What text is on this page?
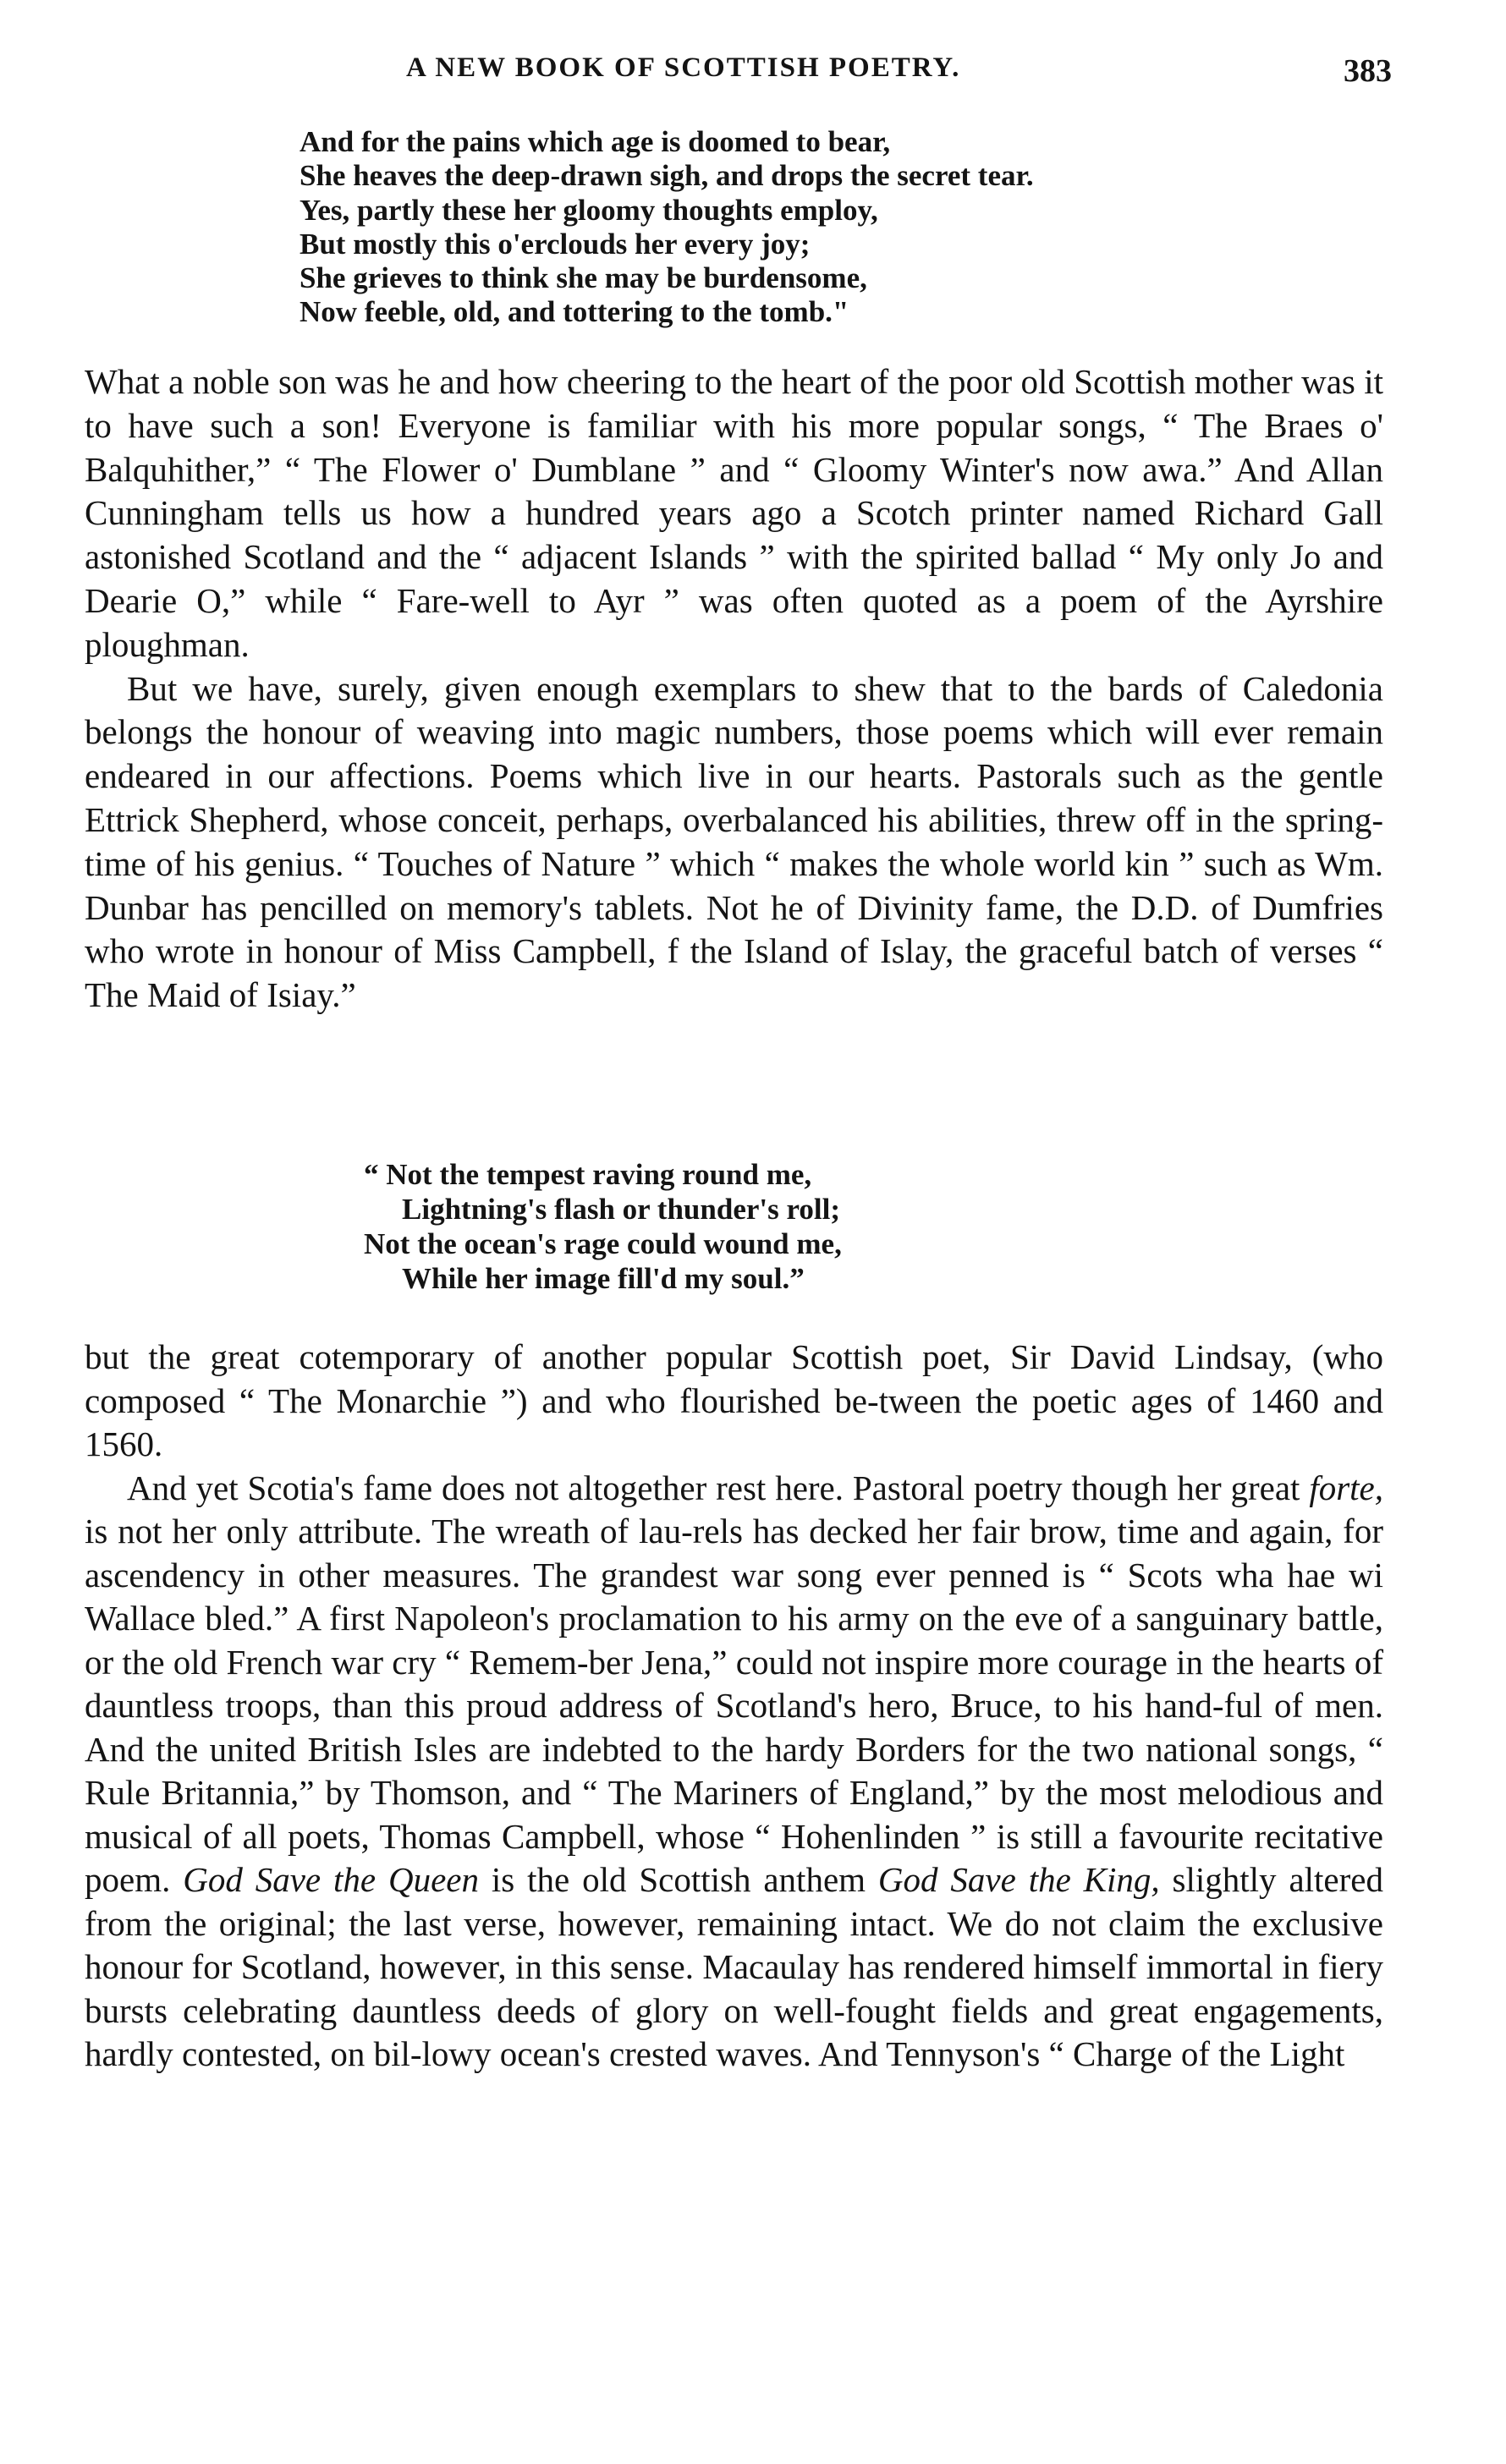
A NEW BOOK OF SCOTTISH POETRY.	383
And for the pains which age is doomed to bear,
She heaves the deep-drawn sigh, and drops the secret tear.
Yes, partly these her gloomy thoughts employ,
But mostly this o'erclouds her every joy;
She grieves to think she may be burdensome,
Now feeble, old, and tottering to the tomb."

What a noble son was he and how cheering to the heart of the poor old Scottish mother was it to have such a son! Everyone is familiar with his more popular songs, “ The Braes o' Balquhither,” “ The Flower o' Dumblane ” and “ Gloomy Winter's now awa.” And Allan Cunningham tells us how a hundred years ago a Scotch printer named Richard Gall astonished Scotland and the “ adjacent Islands ” with the spirited ballad “ My only Jo and Dearie O,” while “ Fare-well to Ayr ” was often quoted as a poem of the Ayrshire ploughman.

But we have, surely, given enough exemplars to shew that to the bards of Caledonia belongs the honour of weaving into magic numbers, those poems which will ever remain endeared in our affections. Poems which live in our hearts. Pastorals such as the gentle Ettrick Shepherd, whose conceit, perhaps, overbalanced his abilities, threw off in the spring-time of his genius. “ Touches of Nature ” which “ makes the whole world kin ” such as Wm. Dunbar has pencilled on memory's tablets. Not he of Divinity fame, the D.D. of Dumfries who wrote in honour of Miss Campbell, f the Island of Islay, the graceful batch of verses “ The Maid of Isiay.”

“ Not the tempest raving round me,
Lightning's flash or thunder's roll;
Not the ocean's rage could wound me,
While her image fill'd my soul.”

but the great cotemporary of another popular Scottish poet, Sir David Lindsay, (who composed “ The Monarchie ”) and who flourished be-tween the poetic ages of 1460 and 1560.

And yet Scotia's fame does not altogether rest here. Pastoral poetry though her great forte, is not her only attribute. The wreath of lau-rels has decked her fair brow, time and again, for ascendency in other measures. The grandest war song ever penned is “ Scots wha hae wi Wallace bled.” A first Napoleon's proclamation to his army on the eve of a sanguinary battle, or the old French war cry “ Remem-ber Jena,” could not inspire more courage in the hearts of dauntless troops, than this proud address of Scotland's hero, Bruce, to his hand-ful of men. And the united British Isles are indebted to the hardy Borders for the two national songs, “ Rule Britannia,” by Thomson, and “ The Mariners of England,” by the most melodious and musical of all poets, Thomas Campbell, whose “ Hohenlinden ” is still a favourite recitative poem. God Save the Queen is the old Scottish anthem God Save the King, slightly altered from the original; the last verse, however, remaining intact. We do not claim the exclusive honour for Scotland, however, in this sense. Macaulay has rendered himself immortal in fiery bursts celebrating dauntless deeds of glory on well-fought fields and great engagements, hardly contested, on bil-lowy ocean's crested waves. And Tennyson's “ Charge of the Light
